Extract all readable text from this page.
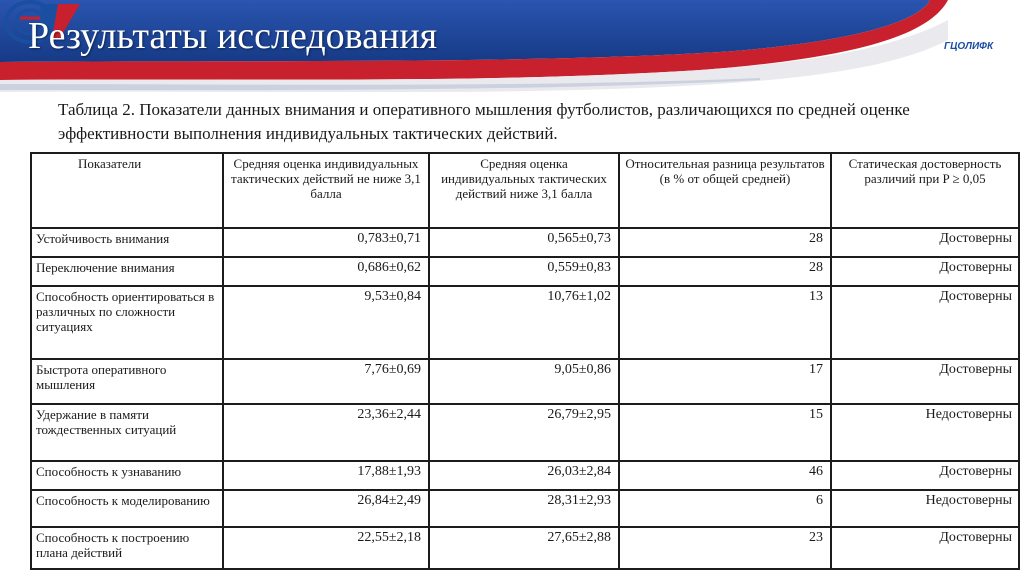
ГЦОЛИФК
Результаты исследования

Таблица 2. Показатели данных внимания и оперативного мышления футболистов, различающихся по средней оценке эффективности выполнения индивидуальных тактических действий.

Показатели	Средняя оценка индивидуальных тактических действий не ниже 3,1 балла	Средняя оценка индивидуальных тактических действий ниже 3,1 балла	Относительная разница результатов (в % от общей средней)	Статическая достоверность различий при P ≥ 0,05
Устойчивость внимания	0,783±0,71	0,565±0,73	28	Достоверны
Переключение внимания	0,686±0,62	0,559±0,83	28	Достоверны
Способность ориентироваться в различных по сложности ситуациях	9,53±0,84	10,76±1,02	13	Достоверны
Быстрота оперативного мышления	7,76±0,69	9,05±0,86	17	Достоверны
Удержание в памяти тождественных ситуаций	23,36±2,44	26,79±2,95	15	Недостоверны
Способность к узнаванию	17,88±1,93	26,03±2,84	46	Достоверны
Способность к моделированию	26,84±2,49	28,31±2,93	6	Недостоверны
Способность к построению плана действий	22,55±2,18	27,65±2,88	23	Достоверны
